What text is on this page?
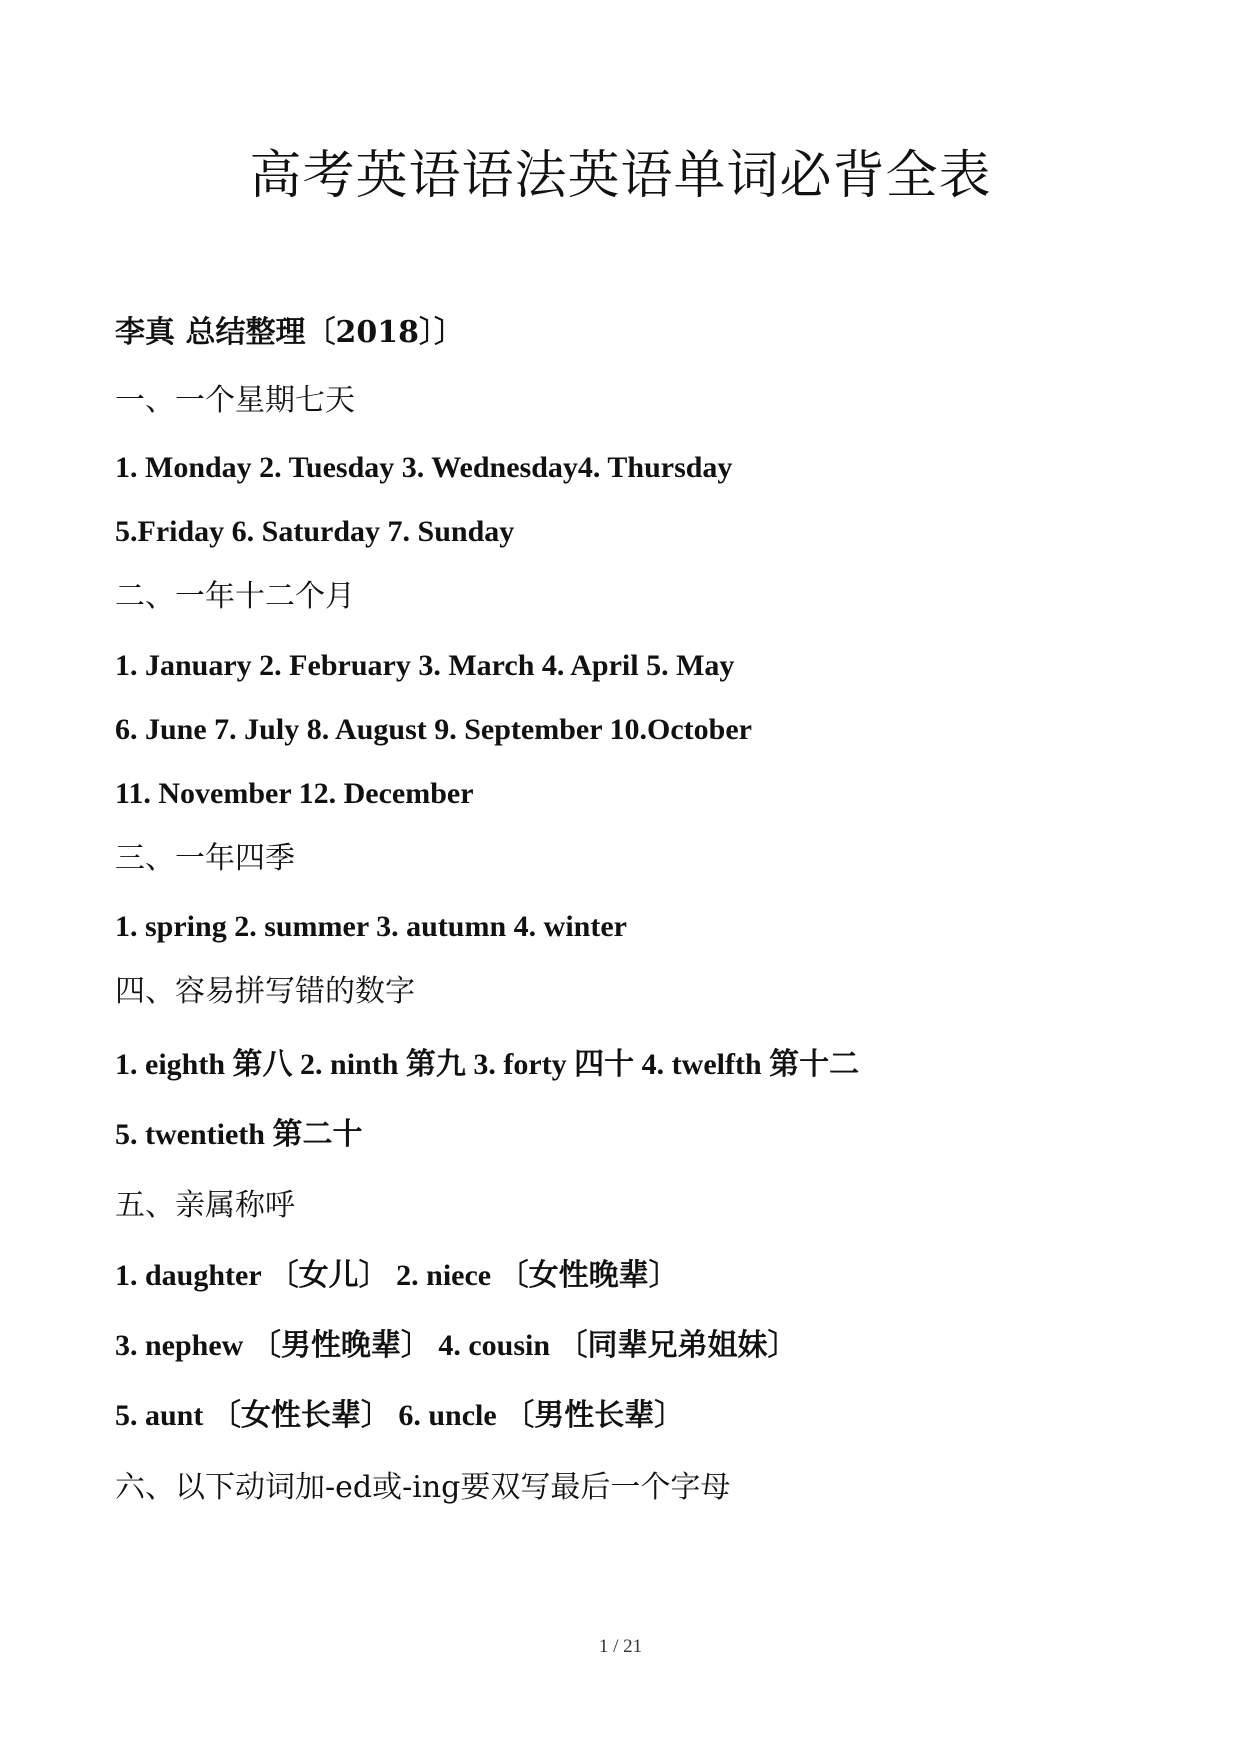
高考英语语法英语单词必背全表
李真 总结整理〔2018〕〕
一、一个星期七天
1. Monday 2. Tuesday 3. Wednesday4. Thursday
5.Friday 6. Saturday 7. Sunday
二、一年十二个月
1. January 2. February 3. March 4. April 5. May
6. June 7. July 8. August 9. September 10.October
11. November 12. December
三、一年四季
1. spring 2. summer 3. autumn 4. winter
四、容易拼写错的数字
1. eighth 第八 2. ninth 第九 3. forty 四十 4. twelfth 第十二
5. twentieth 第二十
五、亲属称呼
1. daughter 〔女儿〕 2. niece 〔女性晚辈〕
3. nephew 〔男性晚辈〕 4. cousin 〔同辈兄弟姐妹〕
5. aunt 〔女性长辈〕 6. uncle 〔男性长辈〕
六、以下动词加-ed或-ing要双写最后一个字母
1 / 21
